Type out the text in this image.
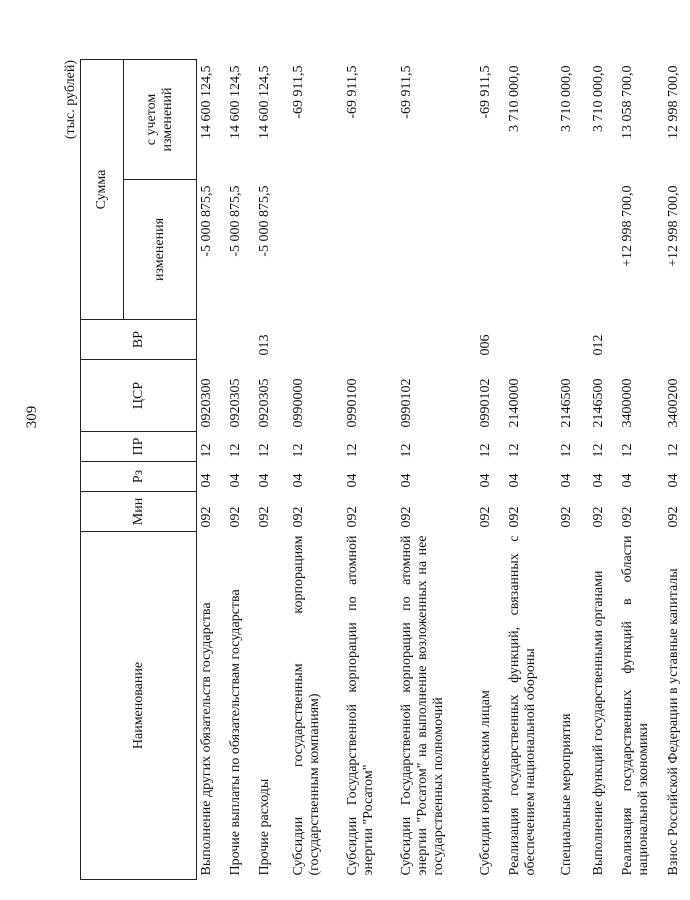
309
(тыс. рублей)
Наименование	Мин	Рз	ПР	ЦСР	ВР	Сумма	
						изменения	с учетом изменений
Выполнение других обязательств государства	092	04	12	0920300		-5 000 875,5	14 600 124,5
Прочие выплаты по обязательствам государства	092	04	12	0920305		-5 000 875,5	14 600 124,5
Прочие расходы	092	04	12	0920305	013	-5 000 875,5	14 600 124,5
Субсидии государственным корпорациям (государственным компаниям)	092	04	12	0990000			-69 911,5
Субсидии Государственной корпорации по атомной энергии "Росатом"	092	04	12	0990100			-69 911,5
Субсидии Государственной корпорации по атомной энергии "Росатом" на выполнение возложенных на нее государственных полномочий	092	04	12	0990102			-69 911,5
Субсидии юридическим лицам	092	04	12	0990102	006		-69 911,5
Реализация государственных функций, связанных с обеспечением национальной обороны	092	04	12	2140000			3 710 000,0
Специальные мероприятия	092	04	12	2146500			3 710 000,0
Выполнение функций государственными органами	092	04	12	2146500	012		3 710 000,0
Реализация государственных функций в области национальной экономики	092	04	12	3400000		+12 998 700,0	13 058 700,0
Взнос Российской Федерации в уставные капиталы	092	04	12	3400200		+12 998 700,0	12 998 700,0
